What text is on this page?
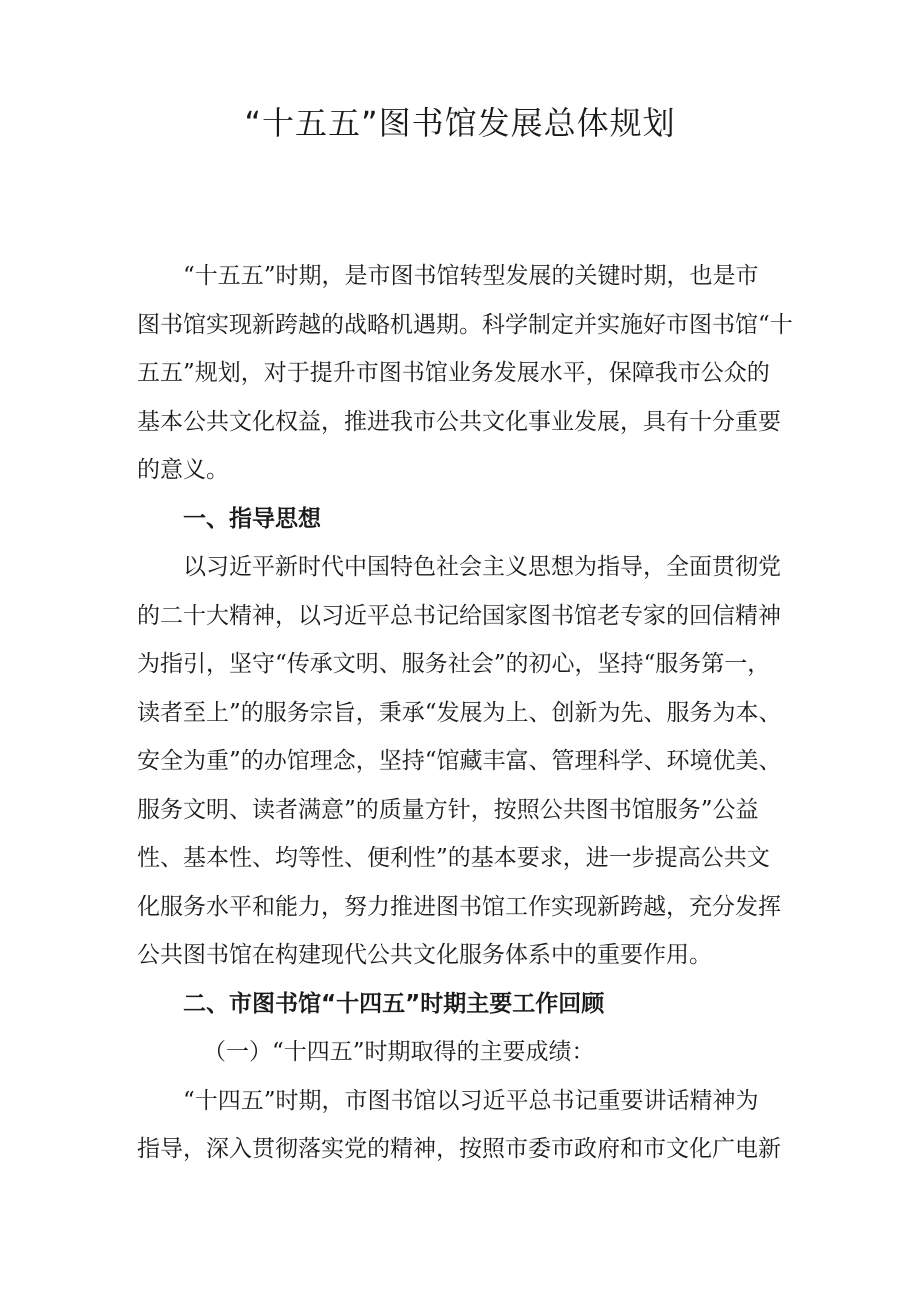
“十五五”图书馆发展总体规划
“十五五”时期，是市图书馆转型发展的关键时期，也是市
图书馆实现新跨越的战略机遇期。科学制定并实施好市图书馆“十
五五”规划，对于提升市图书馆业务发展水平，保障我市公众的
基本公共文化权益，推进我市公共文化事业发展，具有十分重要
的意义。
一、指导思想
以习近平新时代中国特色社会主义思想为指导，全面贯彻党
的二十大精神，以习近平总书记给国家图书馆老专家的回信精神
为指引，坚守“传承文明、服务社会”的初心，坚持“服务第一，
读者至上”的服务宗旨，秉承“发展为上、创新为先、服务为本、
安全为重”的办馆理念，坚持“馆藏丰富、管理科学、环境优美、
服务文明、读者满意”的质量方针，按照公共图书馆服务”公益
性、基本性、均等性、便利性”的基本要求，进一步提高公共文
化服务水平和能力，努力推进图书馆工作实现新跨越，充分发挥
公共图书馆在构建现代公共文化服务体系中的重要作用。
二、市图书馆“十四五”时期主要工作回顾
（一）“十四五”时期取得的主要成绩：
“十四五”时期，市图书馆以习近平总书记重要讲话精神为
指导，深入贯彻落实党的精神，按照市委市政府和市文化广电新
